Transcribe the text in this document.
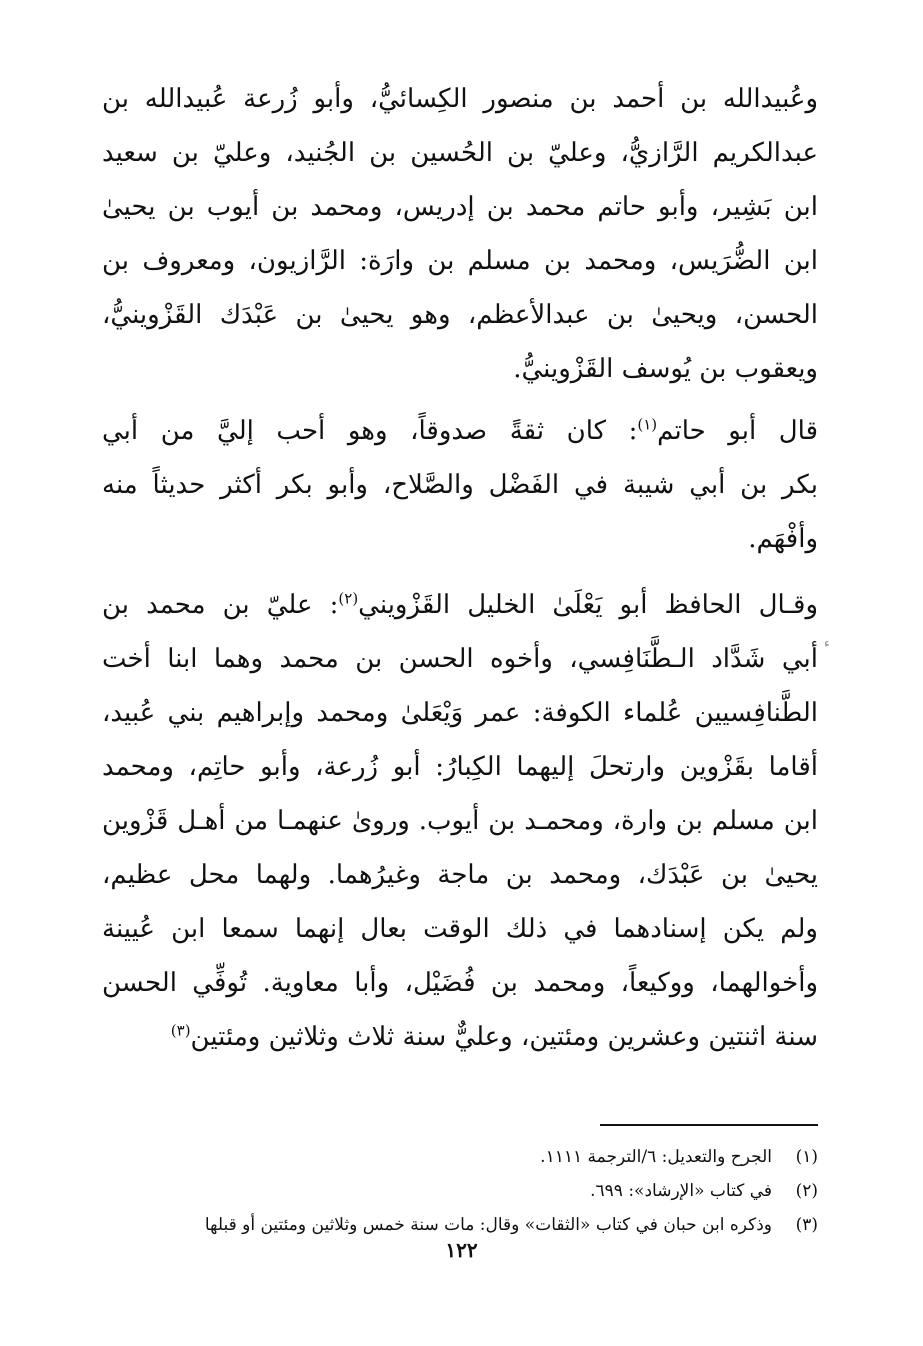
وعُبيدالله بن أحمد بن منصور الكِسائيُّ، وأبو زُرعة عُبيدالله بن
عبدالكريم الرَّازيُّ، وعليّ بن الحُسين بن الجُنيد، وعليّ بن سعيد
ابن بَشِير، وأبو حاتم محمد بن إدريس، ومحمد بن أيوب بن يحيىٰ
ابن الضُّرَيس، ومحمد بن مسلم بن وارَة: الرَّازيون، ومعروف بن
الحسن، ويحيىٰ بن عبدالأعظم، وهو يحيىٰ بن عَبْدَك القَزْوينيُّ،
ويعقوب بن يُوسف القَزْوينيُّ.
قال أبو حاتم$^{(١)}$: كان ثقةً صدوقاً، وهو أحب إليَّ من أبي
بكر بن أبي شيبة في الفَضْل والصَّلاح، وأبو بكر أكثر حديثاً منه
وأفْهَم.
وقـال الحافظ أبو يَعْلَىٰ الخليل القَزْويني$^{(٢)}$: عليّ بن محمد بن
أبي شَدَّاد الـطَّنَافِسي، وأخوه الحسن بن محمد وهما ابنا أخت
الطَّنافِسيين عُلماء الكوفة: عمر وَيْعَلىٰ ومحمد وإبراهيم بني عُبيد،
أقاما بقَزْوين وارتحلَ إليهما الكِبارُ: أبو زُرعة، وأبو حاتِم، ومحمد
ابن مسلم بن وارة، ومحمـد بن أيوب. وروىٰ عنهمـا من أهـل قَزْوين
يحيىٰ بن عَبْدَك، ومحمد بن ماجة وغيرُهما. ولهما محل عظيم،
ولم يكن إسنادهما في ذلك الوقت بعال إنهما سمعا ابن عُيينة
وأخوالهما، ووكيعاً، ومحمد بن فُضَيْل، وأبا معاوية. تُوفِّي الحسن
سنة اثنتين وعشرين ومئتين، وعليٌّ سنة ثلاث وثلاثين ومئتين$^{(٣)}$
ء
(١)الجرح والتعديل: ٦/الترجمة ١١١١.
(٢)في كتاب «الإرشاد»: ٦٩٩.
(٣)وذكره ابن حبان في كتاب «الثقات» وقال: مات سنة خمس وثلاثين ومئتين أو قبلها
١٢٢
